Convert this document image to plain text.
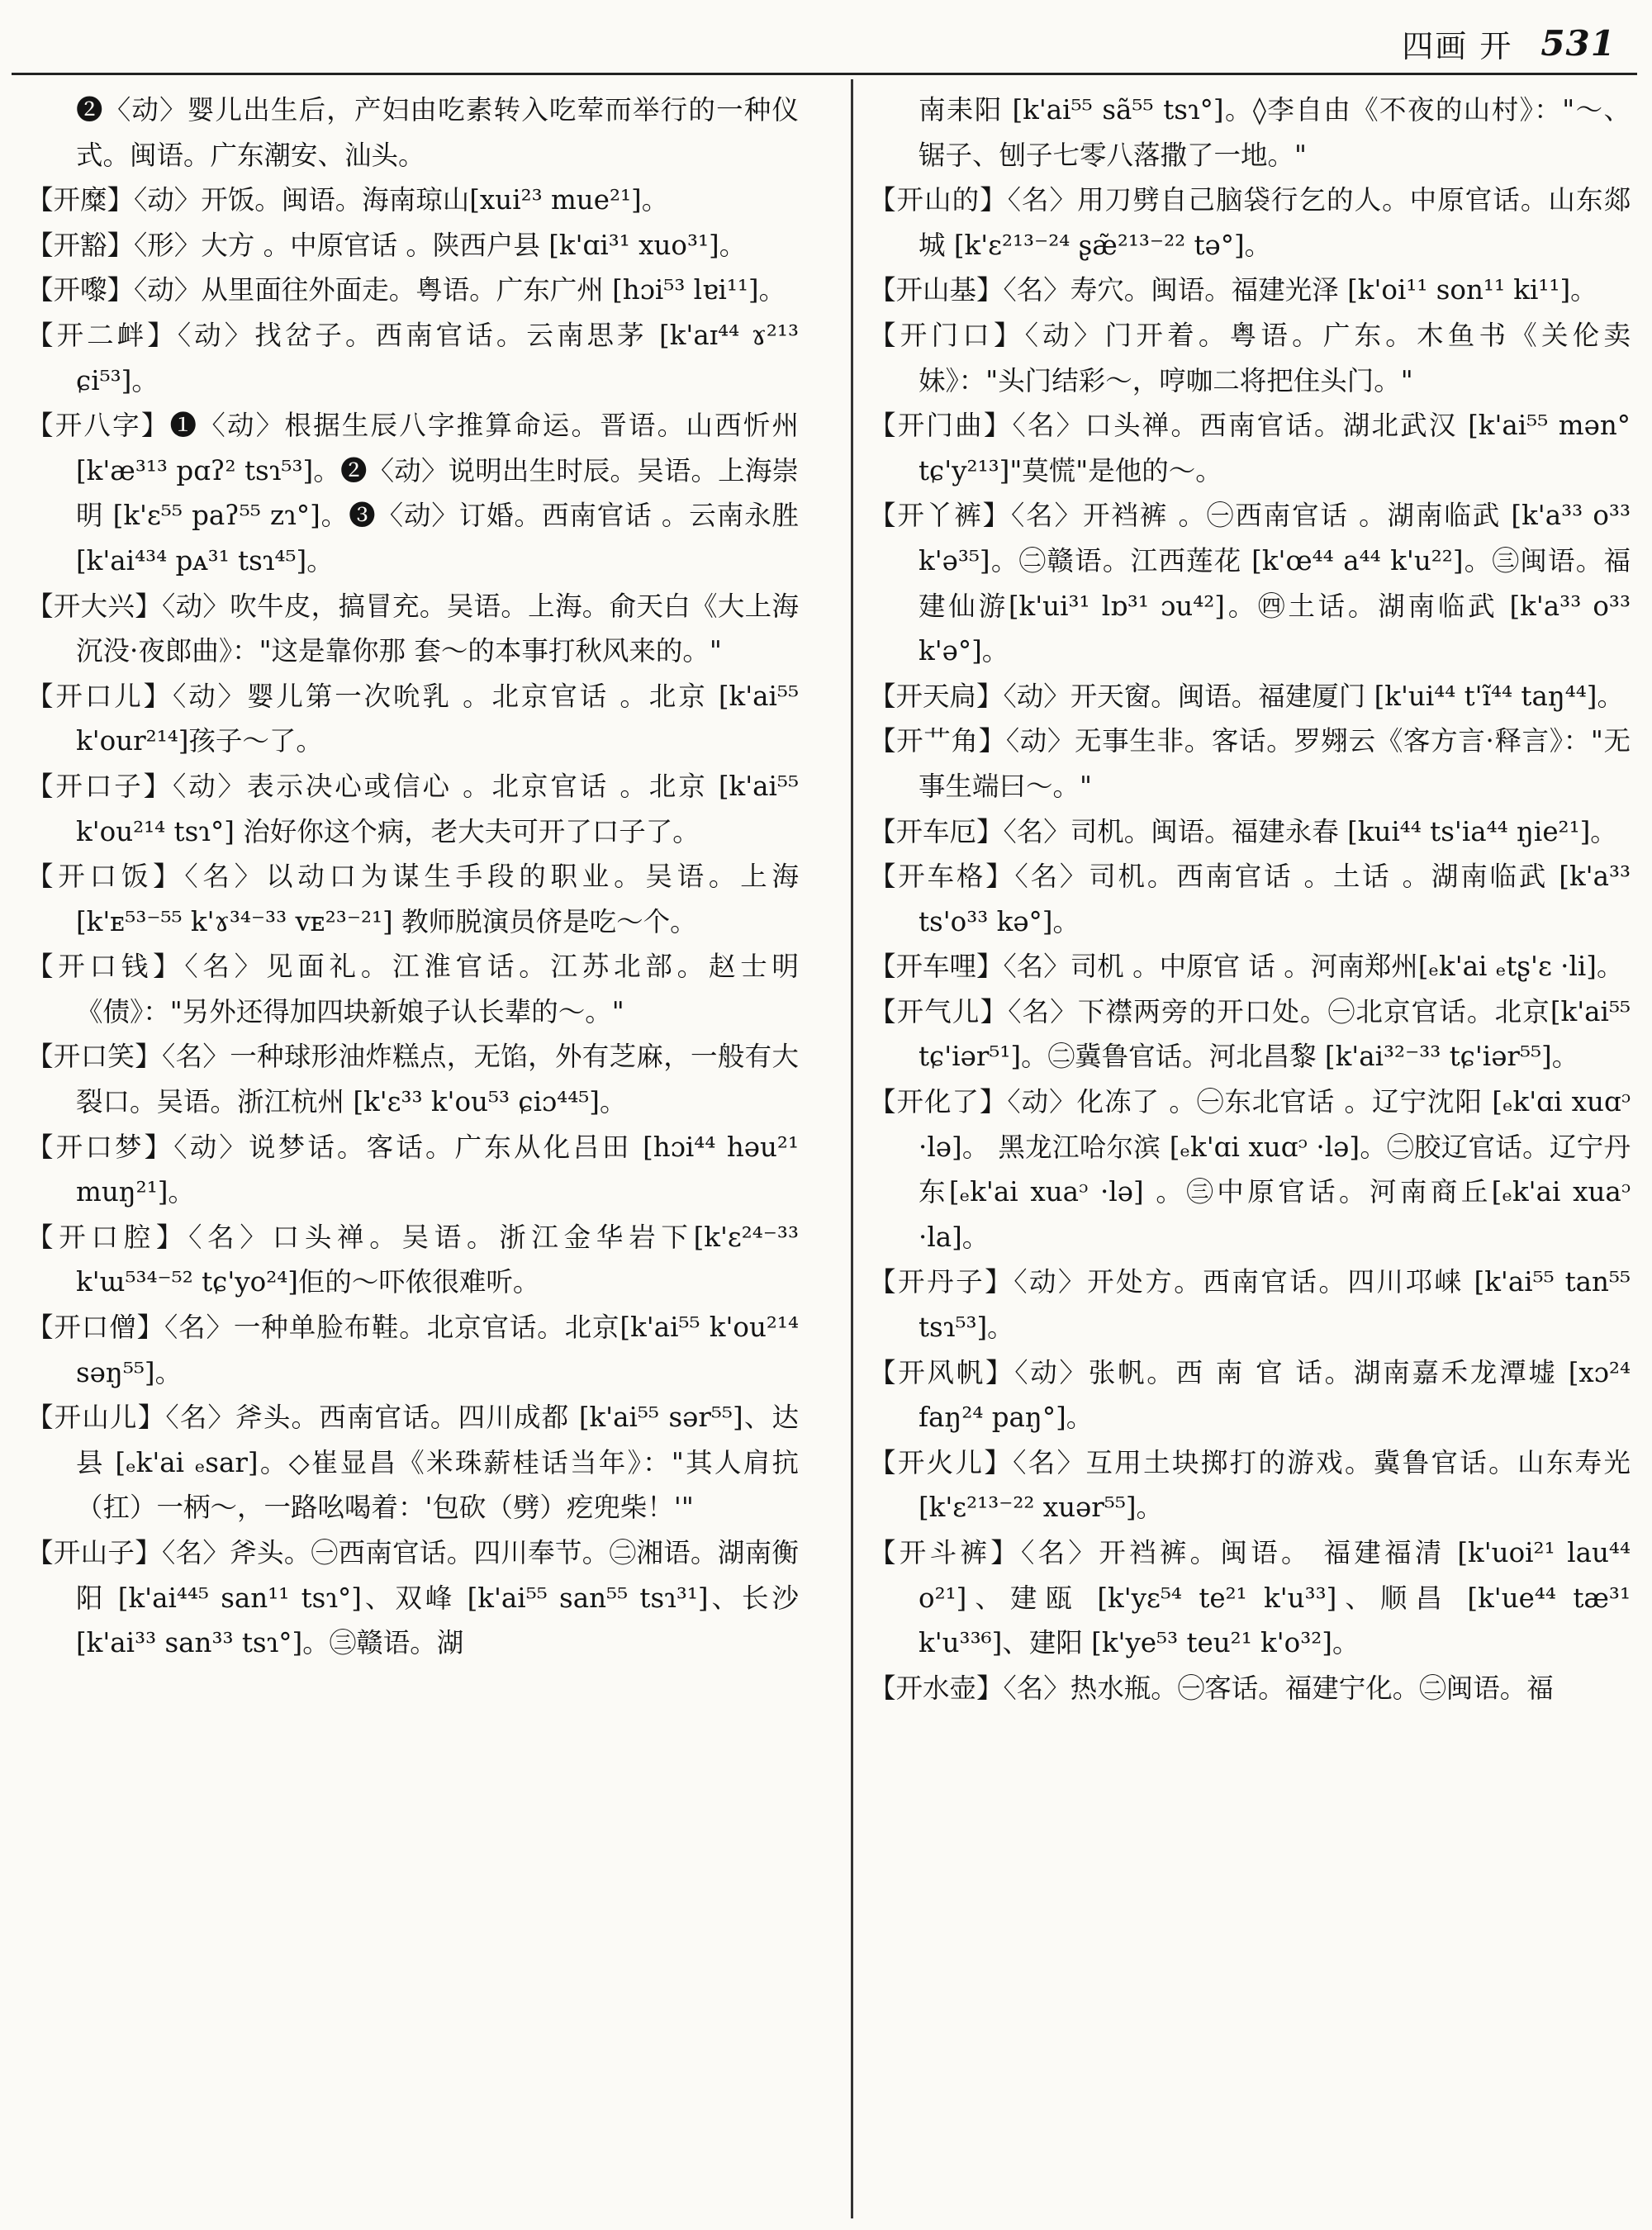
四画 开 531

❷〈动〉婴儿出生后，产妇由吃素转入吃荤而举行的一种仪式。闽语。广东潮安、汕头。

【开糜】〈动〉开饭。闽语。海南琼山[xui²³ mue²¹]。

【开豁】〈形〉大方 。中原官话 。陕西户县 [k'ɑi³¹ xuo³¹]。

【开嚟】〈动〉从里面往外面走。粤语。广东广州 [hɔi⁵³ lɐi¹¹]。

【开二衅】〈动〉找岔子。西南官话。云南思茅 [k'aɪ⁴⁴ ɤ²¹³ ɕi⁵³]。

【开八字】❶〈动〉根据生辰八字推算命运。晋语。山西忻州 [k'æ³¹³ pɑʔ² tsɿ⁵³]。❷〈动〉说明出生时辰。吴语。上海崇明 [k'ɛ⁵⁵ paʔ⁵⁵ zɿ°]。❸〈动〉订婚。西南官话 。云南永胜 [k'ai⁴³⁴ pᴀ³¹ tsɿ⁴⁵]。

【开大兴】〈动〉吹牛皮，搞冒充。吴语。上海。俞天白《大上海沉没·夜郎曲》："这是靠你那 套～的本事打秋风来的。"

【开口儿】〈动〉婴儿第一次吮乳 。北京官话 。北京 [k'ai⁵⁵ k'our²¹⁴]孩子～了。

【开口子】〈动〉表示决心或信心 。北京官话 。北京 [k'ai⁵⁵ k'ou²¹⁴ tsɿ°] 治好你这个病，老大夫可开了口子了。

【开口饭】〈名〉以动口为谋生手段的职业。吴语。上海 [k'ᴇ⁵³⁻⁵⁵ k'ɤ³⁴⁻³³ vᴇ²³⁻²¹] 教师脱演员侪是吃～个。

【开口钱】〈名〉见面礼。江淮官话。江苏北部。赵士明《债》："另外还得加四块新娘子认长辈的～。"

【开口笑】〈名〉一种球形油炸糕点，无馅，外有芝麻，一般有大裂口。吴语。浙江杭州 [k'ɛ³³ k'ou⁵³ ɕiɔ⁴⁴⁵]。

【开口梦】〈动〉说梦话。客话。广东从化吕田 [hɔi⁴⁴ həu²¹ muŋ²¹]。

【开口腔】〈名〉口头禅。吴语。浙江金华岩下[k'ɛ²⁴⁻³³ k'ɯ⁵³⁴⁻⁵² tɕ'yo²⁴]佢的～吓侬很难听。

【开口僧】〈名〉一种单脸布鞋。北京官话。北京[k'ai⁵⁵ k'ou²¹⁴ səŋ⁵⁵]。

【开山儿】〈名〉斧头。西南官话。四川成都 [k'ai⁵⁵ sər⁵⁵]、达县 [ₑk'ai ₑsar]。◇崔显昌《米珠薪桂话当年》："其人肩抗（扛）一柄～，一路吆喝着：'包砍（劈）疙兜柴！'"

【开山子】〈名〉斧头。㊀西南官话。四川奉节。㊁湘语。湖南衡阳 [k'ai⁴⁴⁵ san¹¹ tsɿ°]、双峰 [k'ai⁵⁵ san⁵⁵ tsɿ³¹]、长沙 [k'ai³³ san³³ tsɿ°]。㊂赣语。湖

南耒阳 [k'ai⁵⁵ sã⁵⁵ tsɿ°]。◊李自由《不夜的山村》："～、锯子、刨子七零八落撒了一地。"

【开山的】〈名〉用刀劈自己脑袋行乞的人。中原官话。山东郯城 [k'ɛ²¹³⁻²⁴ ʂæ̃²¹³⁻²² tə°]。

【开山基】〈名〉寿穴。闽语。福建光泽 [k'oi¹¹ son¹¹ ki¹¹]。

【开门口】〈动〉门开着。粤语。广东。木鱼书《关伦卖妹》："头门结彩～，哼咖二将把住头门。"

【开门曲】〈名〉口头禅。西南官话。湖北武汉 [k'ai⁵⁵ mən° tɕ'y²¹³]"莫慌"是他的～。

【开丫裤】〈名〉开裆裤 。㊀西南官话 。湖南临武 [k'a³³ o³³ k'ə³⁵]。㊁赣语。江西莲花 [k'œ⁴⁴ a⁴⁴ k'u²²]。㊂闽语。福建仙游[k'ui³¹ lɒ³¹ ɔu⁴²]。㊃土话。湖南临武 [k'a³³ o³³ k'ə°]。

【开天扃】〈动〉开天窗。闽语。福建厦门 [k'ui⁴⁴ t'ĩ⁴⁴ taŋ⁴⁴]。

【开艹角】〈动〉无事生非。客话。罗翙云《客方言·释言》："无事生端曰～。"

【开车厄】〈名〉司机。闽语。福建永春 [kui⁴⁴ ts'ia⁴⁴ ŋie²¹]。

【开车格】〈名〉司机。西南官话 。土话 。湖南临武 [k'a³³ ts'o³³ kə°]。

【开车哩】〈名〉司机 。中原官 话 。河南郑州[ₑk'ai ₑtʂ'ɛ ·li]。

【开气儿】〈名〉下襟两旁的开口处。㊀北京官话。北京[k'ai⁵⁵ tɕ'iər⁵¹]。㊁冀鲁官话。河北昌黎 [k'ai³²⁻³³ tɕ'iər⁵⁵]。

【开化了】〈动〉化冻了 。㊀东北官话 。辽宁沈阳 [ₑk'ɑi xuɑᵓ ·lə]。 黑龙江哈尔滨 [ₑk'ɑi xuɑᵓ ·lə]。㊁胶辽官话。辽宁丹东[ₑk'ai xuaᵓ ·lə] 。㊂中原官话。河南商丘[ₑk'ai xuaᵓ ·la]。

【开丹子】〈动〉开处方。西南官话。四川邛崃 [k'ai⁵⁵ tan⁵⁵ tsɿ⁵³]。

【开风帆】〈动〉张帆。西 南 官 话。湖南嘉禾龙潭墟 [xɔ²⁴ faŋ²⁴ paŋ°]。

【开火儿】〈名〉互用土块掷打的游戏。冀鲁官话。山东寿光 [k'ɛ²¹³⁻²² xuər⁵⁵]。

【开斗裤】〈名〉开裆裤。闽语。 福建福清 [k'uoi²¹ lau⁴⁴ o²¹]、建瓯 [k'yɛ⁵⁴ te²¹ k'u³³]、顺昌 [k'ue⁴⁴ tæ³¹ k'u³³⁶]、建阳 [k'ye⁵³ teu²¹ k'o³²]。

【开水壶】〈名〉热水瓶。㊀客话。福建宁化。㊁闽语。福
